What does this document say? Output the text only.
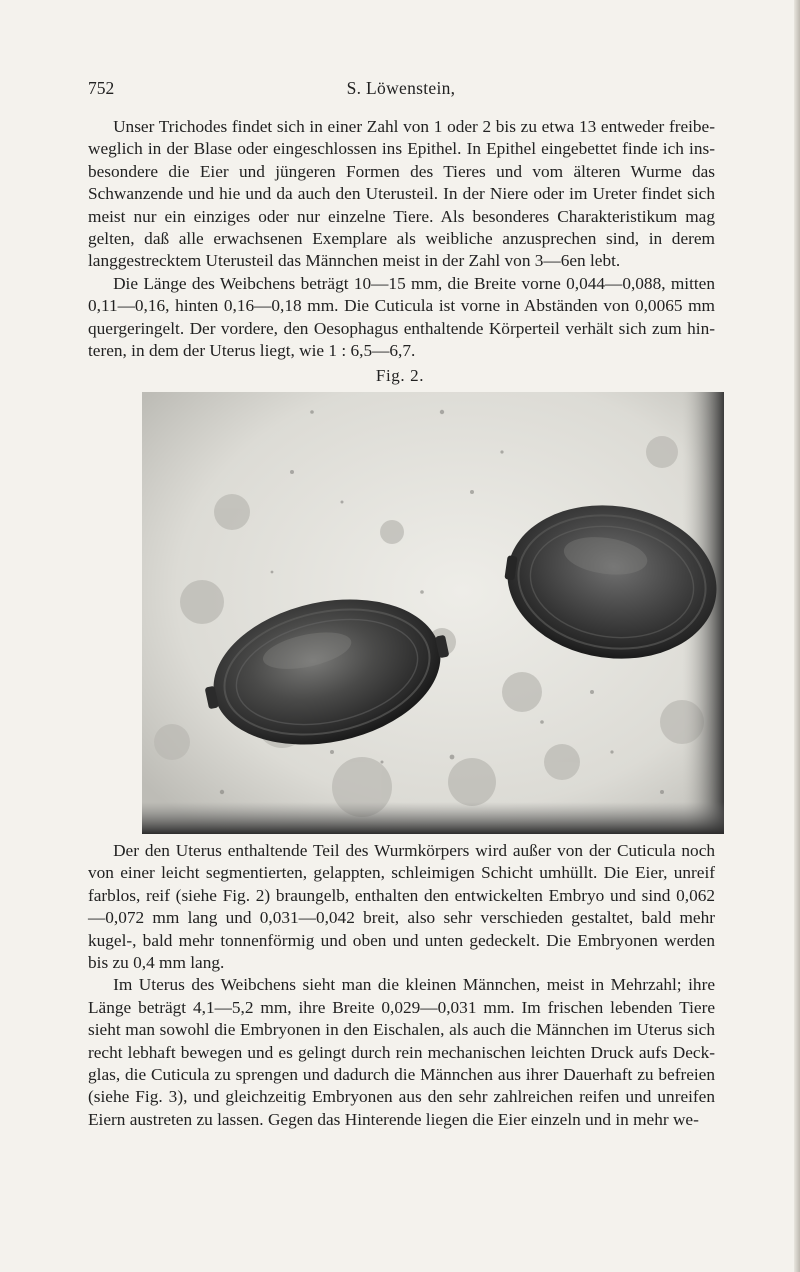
752	S. Löwenstein,

Unser Trichodes findet sich in einer Zahl von 1 oder 2 bis zu etwa 13 entweder freibeweglich in der Blase oder eingeschlossen ins Epithel. In Epithel eingebettet finde ich insbesondere die Eier und jüngeren Formen des Tieres und vom älteren Wurme das Schwanzende und hie und da auch den Uterusteil. In der Niere oder im Ureter findet sich meist nur ein einziges oder nur einzelne Tiere. Als besonderes Charakteristikum mag gelten, daß alle erwachsenen Exemplare als weibliche anzusprechen sind, in derem langgestrecktem Uterusteil das Männchen meist in der Zahl von 3—6en lebt.

Die Länge des Weibchens beträgt 10—15 mm, die Breite vorne 0,044—0,088, mitten 0,11—0,16, hinten 0,16—0,18 mm. Die Cuticula ist vorne in Abständen von 0,0065 mm quergeringelt. Der vordere, den Oesophagus enthaltende Körperteil verhält sich zum hinteren, in dem der Uterus liegt, wie 1 : 6,5—6,7.

Fig. 2.

Der den Uterus enthaltende Teil des Wurmkörpers wird außer von der Cuticula noch von einer leicht segmentierten, gelappten, schleimigen Schicht umhüllt. Die Eier, unreif farblos, reif (siehe Fig. 2) braungelb, enthalten den entwickelten Embryo und sind 0,062 —0,072 mm lang und 0,031—0,042 breit, also sehr verschieden gestaltet, bald mehr kugel-, bald mehr tonnenförmig und oben und unten gedeckelt. Die Embryonen werden bis zu 0,4 mm lang.

Im Uterus des Weibchens sieht man die kleinen Männchen, meist in Mehrzahl; ihre Länge beträgt 4,1—5,2 mm, ihre Breite 0,029—0,031 mm. Im frischen lebenden Tiere sieht man sowohl die Embryonen in den Eischalen, als auch die Männchen im Uterus sich recht lebhaft bewegen und es gelingt durch rein mechanischen leichten Druck aufs Deckglas, die Cuticula zu sprengen und dadurch die Männchen aus ihrer Dauerhaft zu befreien (siehe Fig. 3), und gleichzeitig Embryonen aus den sehr zahlreichen reifen und unreifen Eiern austreten zu lassen. Gegen das Hinterende liegen die Eier einzeln und in mehr we-
